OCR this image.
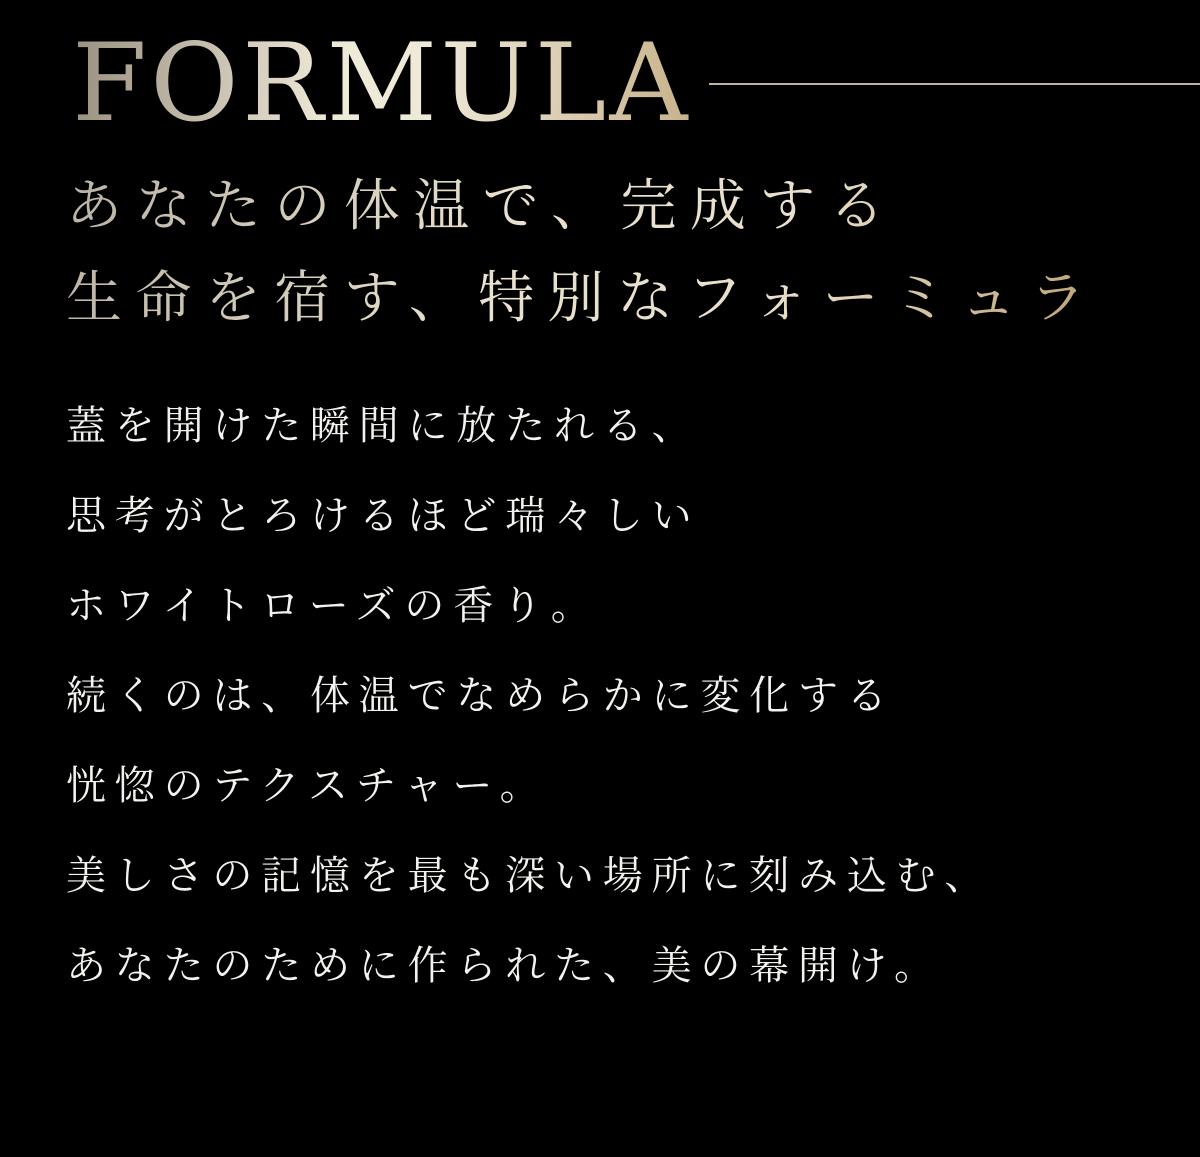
FORMULA
あなたの体温で、完成する
生命を宿す、特別なフォーミュラ

蓋を開けた瞬間に放たれる、

思考がとろけるほど瑞々しい

ホワイトローズの香り。

続くのは、体温でなめらかに変化する

恍惚のテクスチャー。

美しさの記憶を最も深い場所に刻み込む、

あなたのために作られた、美の幕開け。
